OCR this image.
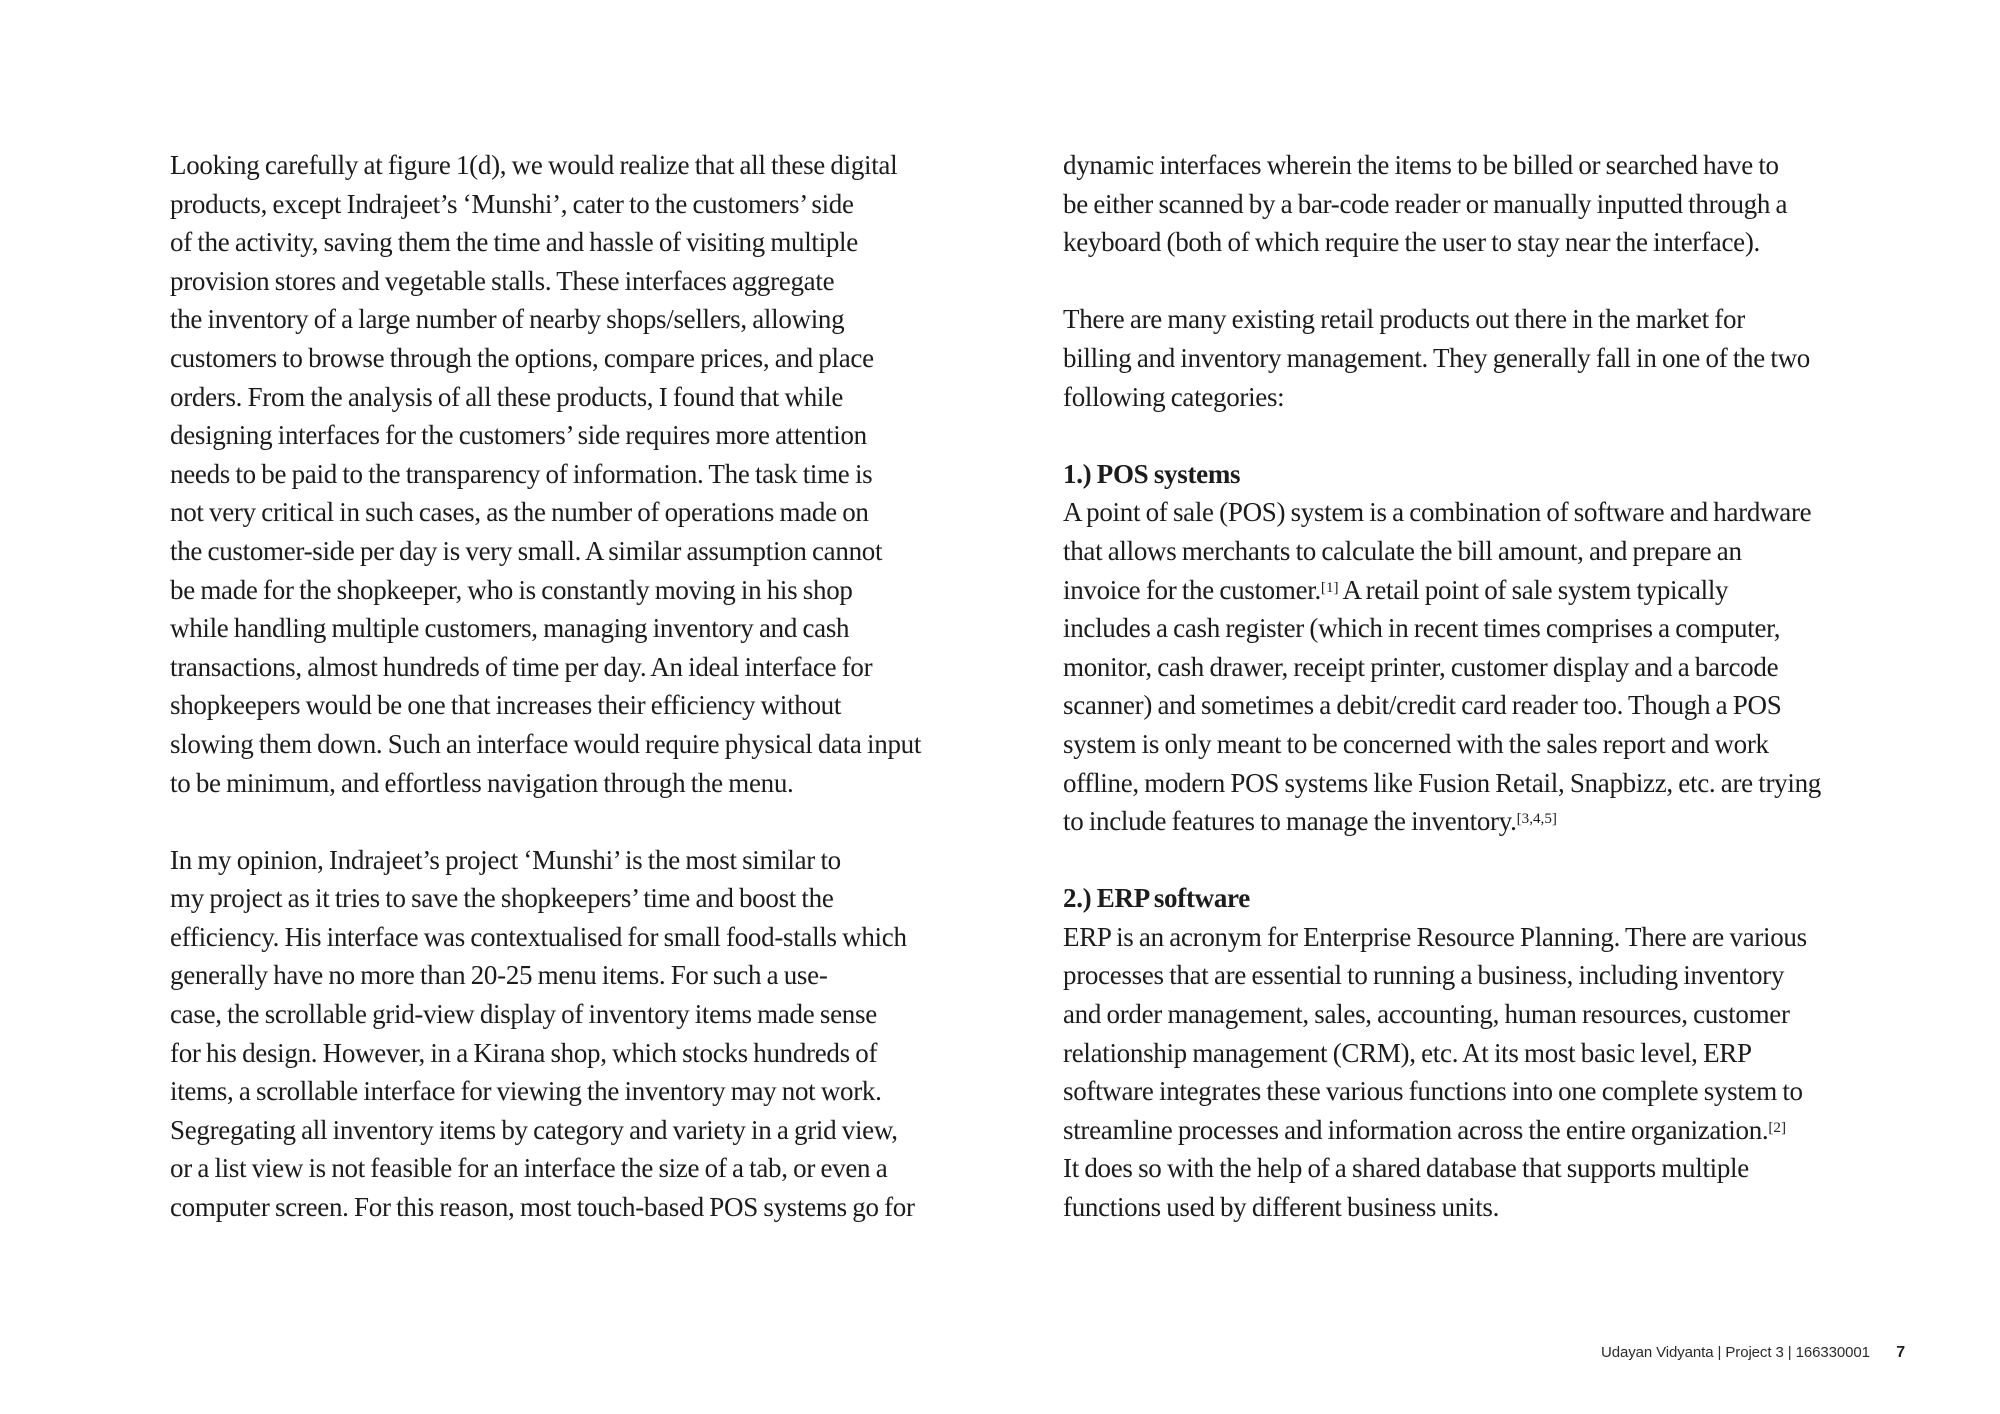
Looking carefully at figure 1(d), we would realize that all these digital
products, except Indrajeet’s ‘Munshi’, cater to the customers’ side
of the activity, saving them the time and hassle of visiting multiple
provision stores and vegetable stalls. These interfaces aggregate
the inventory of a large number of nearby shops/sellers, allowing
customers to browse through the options, compare prices, and place
orders. From the analysis of all these products, I found that while
designing interfaces for the customers’ side requires more attention
needs to be paid to the transparency of information. The task time is
not very critical in such cases, as the number of operations made on
the customer-side per day is very small. A similar assumption cannot
be made for the shopkeeper, who is constantly moving in his shop
while handling multiple customers, managing inventory and cash
transactions, almost hundreds of time per day. An ideal interface for
shopkeepers would be one that increases their efficiency without
slowing them down. Such an interface would require physical data input
to be minimum, and effortless navigation through the menu.
In my opinion, Indrajeet’s project ‘Munshi’ is the most similar to
my project as it tries to save the shopkeepers’ time and boost the
efficiency. His interface was contextualised for small food-stalls which
generally have no more than 20-25 menu items. For such a use-
case, the scrollable grid-view display of inventory items made sense
for his design. However, in a Kirana shop, which stocks hundreds of
items, a scrollable interface for viewing the inventory may not work.
Segregating all inventory items by category and variety in a grid view,
or a list view is not feasible for an interface the size of a tab, or even a
computer screen. For this reason, most touch-based POS systems go for
dynamic interfaces wherein the items to be billed or searched have to
be either scanned by a bar-code reader or manually inputted through a
keyboard (both of which require the user to stay near the interface).
There are many existing retail products out there in the market for
billing and inventory management. They generally fall in one of the two
following categories:
1.) POS systems
A point of sale (POS) system is a combination of software and hardware
that allows merchants to calculate the bill amount, and prepare an
invoice for the customer.[1] A retail point of sale system typically
includes a cash register (which in recent times comprises a computer,
monitor, cash drawer, receipt printer, customer display and a barcode
scanner) and sometimes a debit/credit card reader too. Though a POS
system is only meant to be concerned with the sales report and work
offline, modern POS systems like Fusion Retail, Snapbizz, etc. are trying
to include features to manage the inventory.[3,4,5]
2.) ERP software
ERP is an acronym for Enterprise Resource Planning. There are various
processes that are essential to running a business, including inventory
and order management, sales, accounting, human resources, customer
relationship management (CRM), etc. At its most basic level, ERP
software integrates these various functions into one complete system to
streamline processes and information across the entire organization.[2]
It does so with the help of a shared database that supports multiple
functions used by different business units.
Udayan Vidyanta | Project 3 | 166330001 7
